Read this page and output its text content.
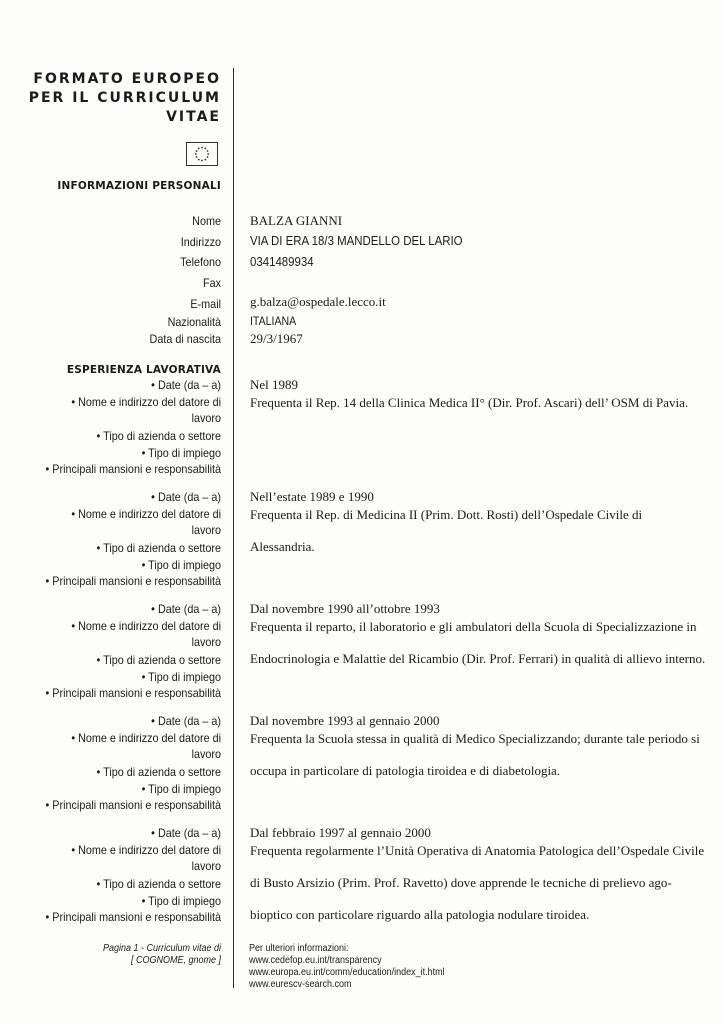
FORMATO EUROPEO
PER IL CURRICULUM
VITAE
INFORMAZIONI PERSONALI
Nome
Indirizzo
Telefono
Fax
E-mail
Nazionalità
Data di nascita
BALZA GIANNI
VIA DI ERA 18/3 MANDELLO DEL LARIO
0341489934
g.balza@ospedale.lecco.it
ITALIANA
29/3/1967
ESPERIENZA LAVORATIVA
• Date (da – a)
• Nome e indirizzo del datore di
lavoro
• Tipo di azienda o settore
• Tipo di impiego
• Principali mansioni e responsabilità
Nel 1989
Frequenta il Rep. 14 della Clinica Medica II° (Dir. Prof. Ascari) dell’ OSM di Pavia.
• Date (da – a)
• Nome e indirizzo del datore di
lavoro
• Tipo di azienda o settore
• Tipo di impiego
• Principali mansioni e responsabilità
Nell’estate 1989 e 1990
Frequenta il Rep. di Medicina II (Prim. Dott. Rosti) dell’Ospedale Civile di
Alessandria.
• Date (da – a)
• Nome e indirizzo del datore di
lavoro
• Tipo di azienda o settore
• Tipo di impiego
• Principali mansioni e responsabilità
Dal novembre 1990 all’ottobre 1993
Frequenta il reparto, il laboratorio e gli ambulatori della Scuola di Specializzazione in
Endocrinologia e Malattie del Ricambio (Dir. Prof. Ferrari) in qualità di allievo interno.
• Date (da – a)
• Nome e indirizzo del datore di
lavoro
• Tipo di azienda o settore
• Tipo di impiego
• Principali mansioni e responsabilità
Dal novembre 1993 al gennaio 2000
Frequenta la Scuola stessa in qualità di Medico Specializzando; durante tale periodo si
occupa in particolare di patologia tiroidea e di diabetologia.
• Date (da – a)
• Nome e indirizzo del datore di
lavoro
• Tipo di azienda o settore
• Tipo di impiego
• Principali mansioni e responsabilità
Dal febbraio 1997 al gennaio 2000
Frequenta regolarmente l’Unità Operativa di Anatomia Patologica dell’Ospedale Civile
di Busto Arsizio (Prim. Prof. Ravetto) dove apprende le tecniche di prelievo ago-
bioptico con particolare riguardo alla patologia nodulare tiroidea.
Pagina 1 - Curriculum vitae di
[ COGNOME, gnome ]
Per ulteriori informazioni:
www.cedefop.eu.int/transparency
www.europa.eu.int/comm/education/index_it.html
www.eurescv-search.com
